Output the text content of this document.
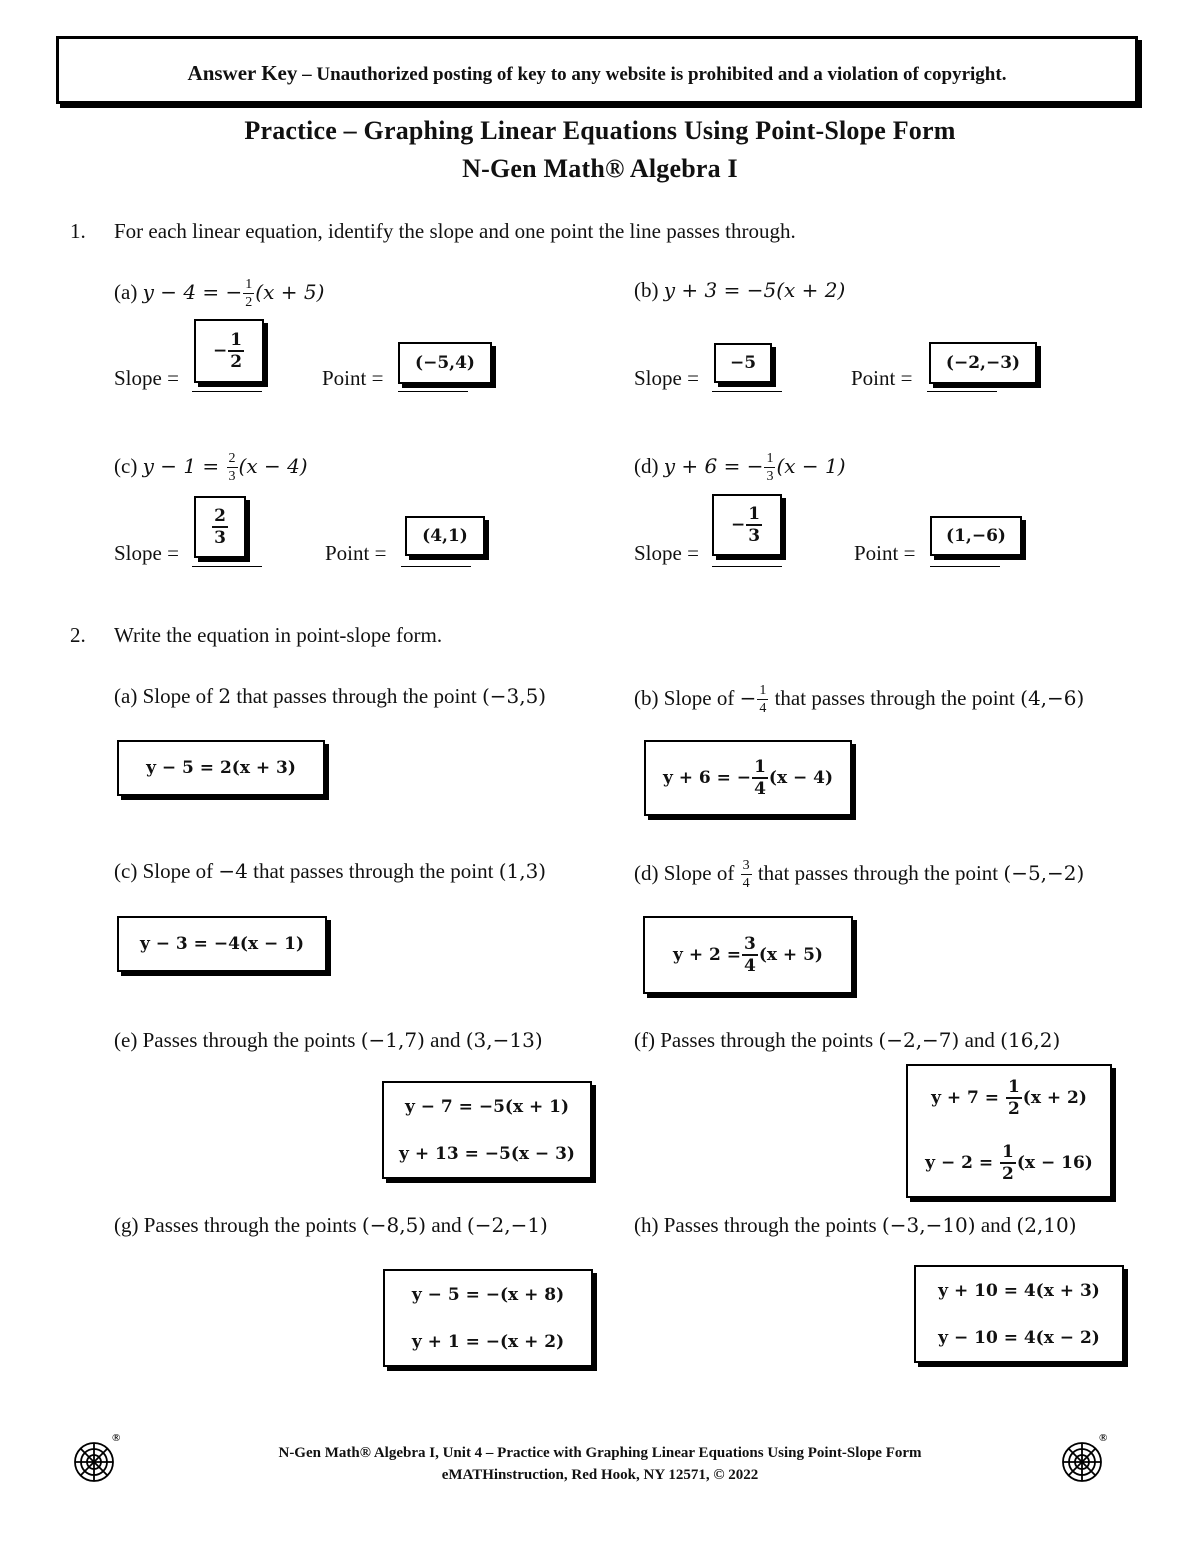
Answer Key – Unauthorized posting of key to any website is prohibited and a violation of copyright.
Practice – Graphing Linear Equations Using Point-Slope Form
N-Gen Math® Algebra I
1. For each linear equation, identify the slope and one point the line passes through.
(a) y − 4 = − $\frac{1}{2} (x + 5)$
Slope =
− $\frac{1}{2}$
Point =
(−5,4)
(b) y + 3 = −5(x + 2)
Slope =
−5
Point =
(−2,−3)
(c) $y - 1 = \frac{2}{3} (x - 4)$
Slope =
$\frac{2}{3}$
Point =
(4,1)
(d) y + 6 = − $\frac{1}{3} (x - 1)$
Slope =
− $\frac{1}{3}$
Point =
(1,−6)
2. Write the equation in point-slope form.
(a) Slope of 2 that passes through the point (−3,5)
y − 5 = 2(x + 3)
(b) Slope of − $\frac{1}{4}$ that passes through the point (4,−6)
y + 6 = − $\frac{1}{4} (x - 4)$
(c) Slope of −4 that passes through the point (1,3)
y − 3 = −4(x − 1)
(d) Slope of $\frac{3}{4}$ that passes through the point (−5,−2)
$y + 2 = \frac{3}{4} (x + 5)$
(e) Passes through the points (−1,7) and (3,−13)
y − 7 = −5(x + 1)
y + 13 = −5(x − 3)
(f) Passes through the points (−2,−7) and (16,2)
$y + 7 = \frac{1}{2} (x + 2)$
$y - 2 = \frac{1}{2} (x - 16)$
(g) Passes through the points (−8,5) and (−2,−1)
y − 5 = −(x + 8)
y + 1 = −(x + 2)
(h) Passes through the points (−3,−10) and (2,10)
y + 10 = 4(x + 3)
y − 10 = 4(x − 2)
®	®
N-Gen Math® Algebra I, Unit 4 – Practice with Graphing Linear Equations Using Point-Slope Form
eMATHinstruction, Red Hook, NY 12571, © 2022
